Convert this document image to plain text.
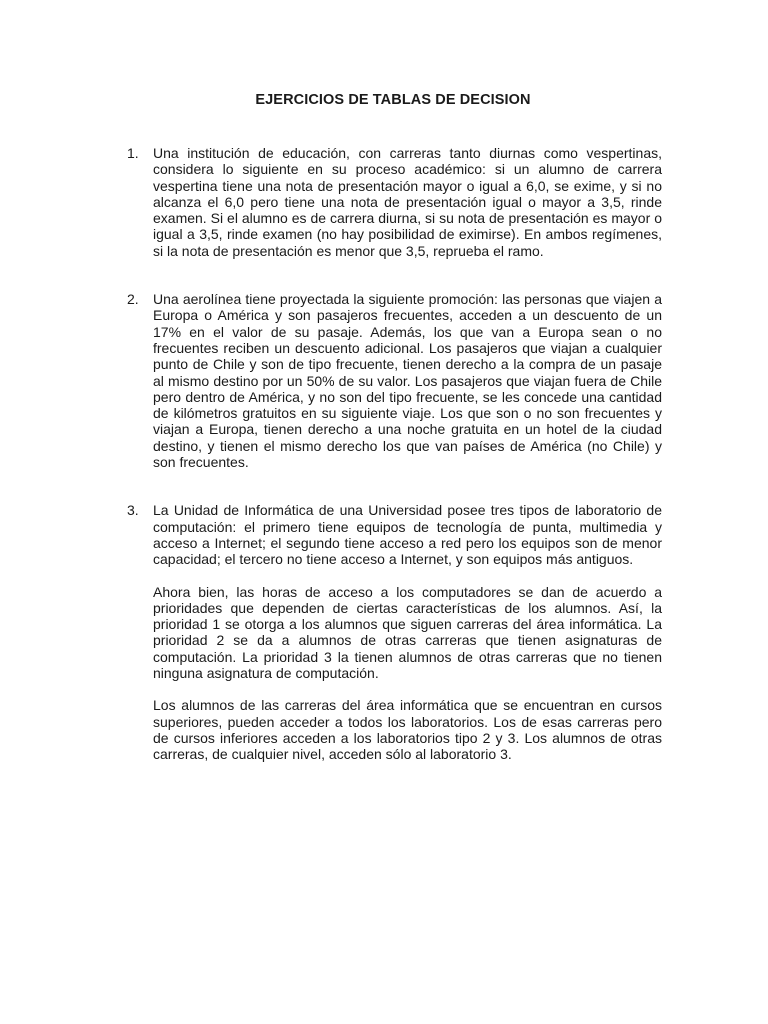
EJERCICIOS DE TABLAS DE DECISION
1. Una institución de educación, con carreras tanto diurnas como vespertinas, considera lo siguiente en su proceso académico: si un alumno de carrera vespertina tiene una nota de presentación mayor o igual a 6,0, se exime, y si no alcanza el 6,0 pero tiene una nota de presentación igual o mayor a 3,5, rinde examen. Si el alumno es de carrera diurna, si su nota de presentación es mayor o igual a 3,5, rinde examen (no hay posibilidad de eximirse). En ambos regímenes, si la nota de presentación es menor que 3,5, reprueba el ramo.

2. Una aerolínea tiene proyectada la siguiente promoción: las personas que viajen a Europa o América y son pasajeros frecuentes, acceden a un descuento de un 17% en el valor de su pasaje. Además, los que van a Europa sean o no frecuentes reciben un descuento adicional. Los pasajeros que viajan a cualquier punto de Chile y son de tipo frecuente, tienen derecho a la compra de un pasaje al mismo destino por un 50% de su valor. Los pasajeros que viajan fuera de Chile pero dentro de América, y no son del tipo frecuente, se les concede una cantidad de kilómetros gratuitos en su siguiente viaje. Los que son o no son frecuentes y viajan a Europa, tienen derecho a una noche gratuita en un hotel de la ciudad destino, y tienen el mismo derecho los que van países de América (no Chile) y son frecuentes.

3. La Unidad de Informática de una Universidad posee tres tipos de laboratorio de computación: el primero tiene equipos de tecnología de punta, multimedia y acceso a Internet; el segundo tiene acceso a red pero los equipos son de menor capacidad; el tercero no tiene acceso a Internet, y son equipos más antiguos.

Ahora bien, las horas de acceso a los computadores se dan de acuerdo a prioridades que dependen de ciertas características de los alumnos. Así, la prioridad 1 se otorga a los alumnos que siguen carreras del área informática. La prioridad 2 se da a alumnos de otras carreras que tienen asignaturas de computación. La prioridad 3 la tienen alumnos de otras carreras que no tienen ninguna asignatura de computación.

Los alumnos de las carreras del área informática que se encuentran en cursos superiores, pueden acceder a todos los laboratorios. Los de esas carreras pero de cursos inferiores acceden a los laboratorios tipo 2 y 3. Los alumnos de otras carreras, de cualquier nivel, acceden sólo al laboratorio 3.
